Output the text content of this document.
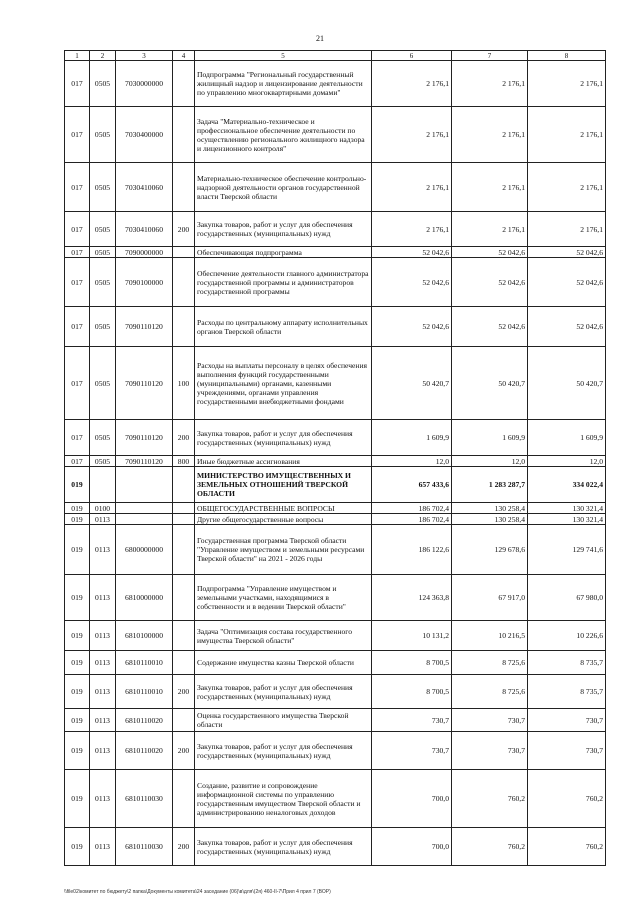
21
1	2	3	4	5	6	7	8
017	0505	7030000000		Подпрограмма "Региональный государственный жилищный надзор и лицензирование деятельности по управлению многоквартирными домами"	2 176,1	2 176,1	2 176,1
017	0505	7030400000		Задача "Материально-техническое и профессиональное обеспечение деятельности по осуществлению регионального жилищного надзора и лицензионного контроля"	2 176,1	2 176,1	2 176,1
017	0505	7030410060		Материально-техническое обеспечение контрольно-надзорной деятельности органов государственной власти Тверской области	2 176,1	2 176,1	2 176,1
017	0505	7030410060	200	Закупка товаров, работ и услуг для обеспечения государственных (муниципальных) нужд	2 176,1	2 176,1	2 176,1
017	0505	7090000000		Обеспечивающая подпрограмма	52 042,6	52 042,6	52 042,6
017	0505	7090100000		Обеспечение деятельности главного администратора государственной программы и администраторов государственной программы	52 042,6	52 042,6	52 042,6
017	0505	7090110120		Расходы по центральному аппарату исполнительных органов Тверской области	52 042,6	52 042,6	52 042,6
017	0505	7090110120	100	Расходы на выплаты персоналу в целях обеспечения выполнения функций государственными (муниципальными) органами, казенными учреждениями, органами управления государственными внебюджетными фондами	50 420,7	50 420,7	50 420,7
017	0505	7090110120	200	Закупка товаров, работ и услуг для обеспечения государственных (муниципальных) нужд	1 609,9	1 609,9	1 609,9
017	0505	7090110120	800	Иные бюджетные ассигнования	12,0	12,0	12,0
019				МИНИСТЕРСТВО ИМУЩЕСТВЕННЫХ И ЗЕМЕЛЬНЫХ ОТНОШЕНИЙ ТВЕРСКОЙ ОБЛАСТИ	657 433,6	1 283 287,7	334 022,4
019	0100			ОБЩЕГОСУДАРСТВЕННЫЕ ВОПРОСЫ	186 702,4	130 258,4	130 321,4
019	0113			Другие общегосударственные вопросы	186 702,4	130 258,4	130 321,4
019	0113	6800000000		Государственная программа Тверской области "Управление имуществом и земельными ресурсами Тверской области" на 2021 - 2026 годы	186 122,6	129 678,6	129 741,6
019	0113	6810000000		Подпрограмма "Управление имуществом и земельными участками, находящимися в собственности и в ведении Тверской области"	124 363,8	67 917,0	67 980,0
019	0113	6810100000		Задача "Оптимизация состава государственного имущества Тверской области"	10 131,2	10 216,5	10 226,6
019	0113	6810110010		Содержание имущества казны Тверской области	8 700,5	8 725,6	8 735,7
019	0113	6810110010	200	Закупка товаров, работ и услуг для обеспечения государственных (муниципальных) нужд	8 700,5	8 725,6	8 735,7
019	0113	6810110020		Оценка государственного имущества Тверской области	730,7	730,7	730,7
019	0113	6810110020	200	Закупка товаров, работ и услуг для обеспечения государственных (муниципальных) нужд	730,7	730,7	730,7
019	0113	6810110030		Создание, развитие и сопровождение информационной системы по управлению государственным имуществом Тверской области и администрированию неналоговых доходов	700,0	760,2	760,2
019	0113	6810110030	200	Закупка товаров, работ и услуг для обеспечения государственных (муниципальных) нужд	700,0	760,2	760,2
\\file02\комитет по бюджету\2 папка\Документы комитета\24 заседание (06)\в\для\(2я) 460-II-7\Прил 4 прил 7 (ВОР)
